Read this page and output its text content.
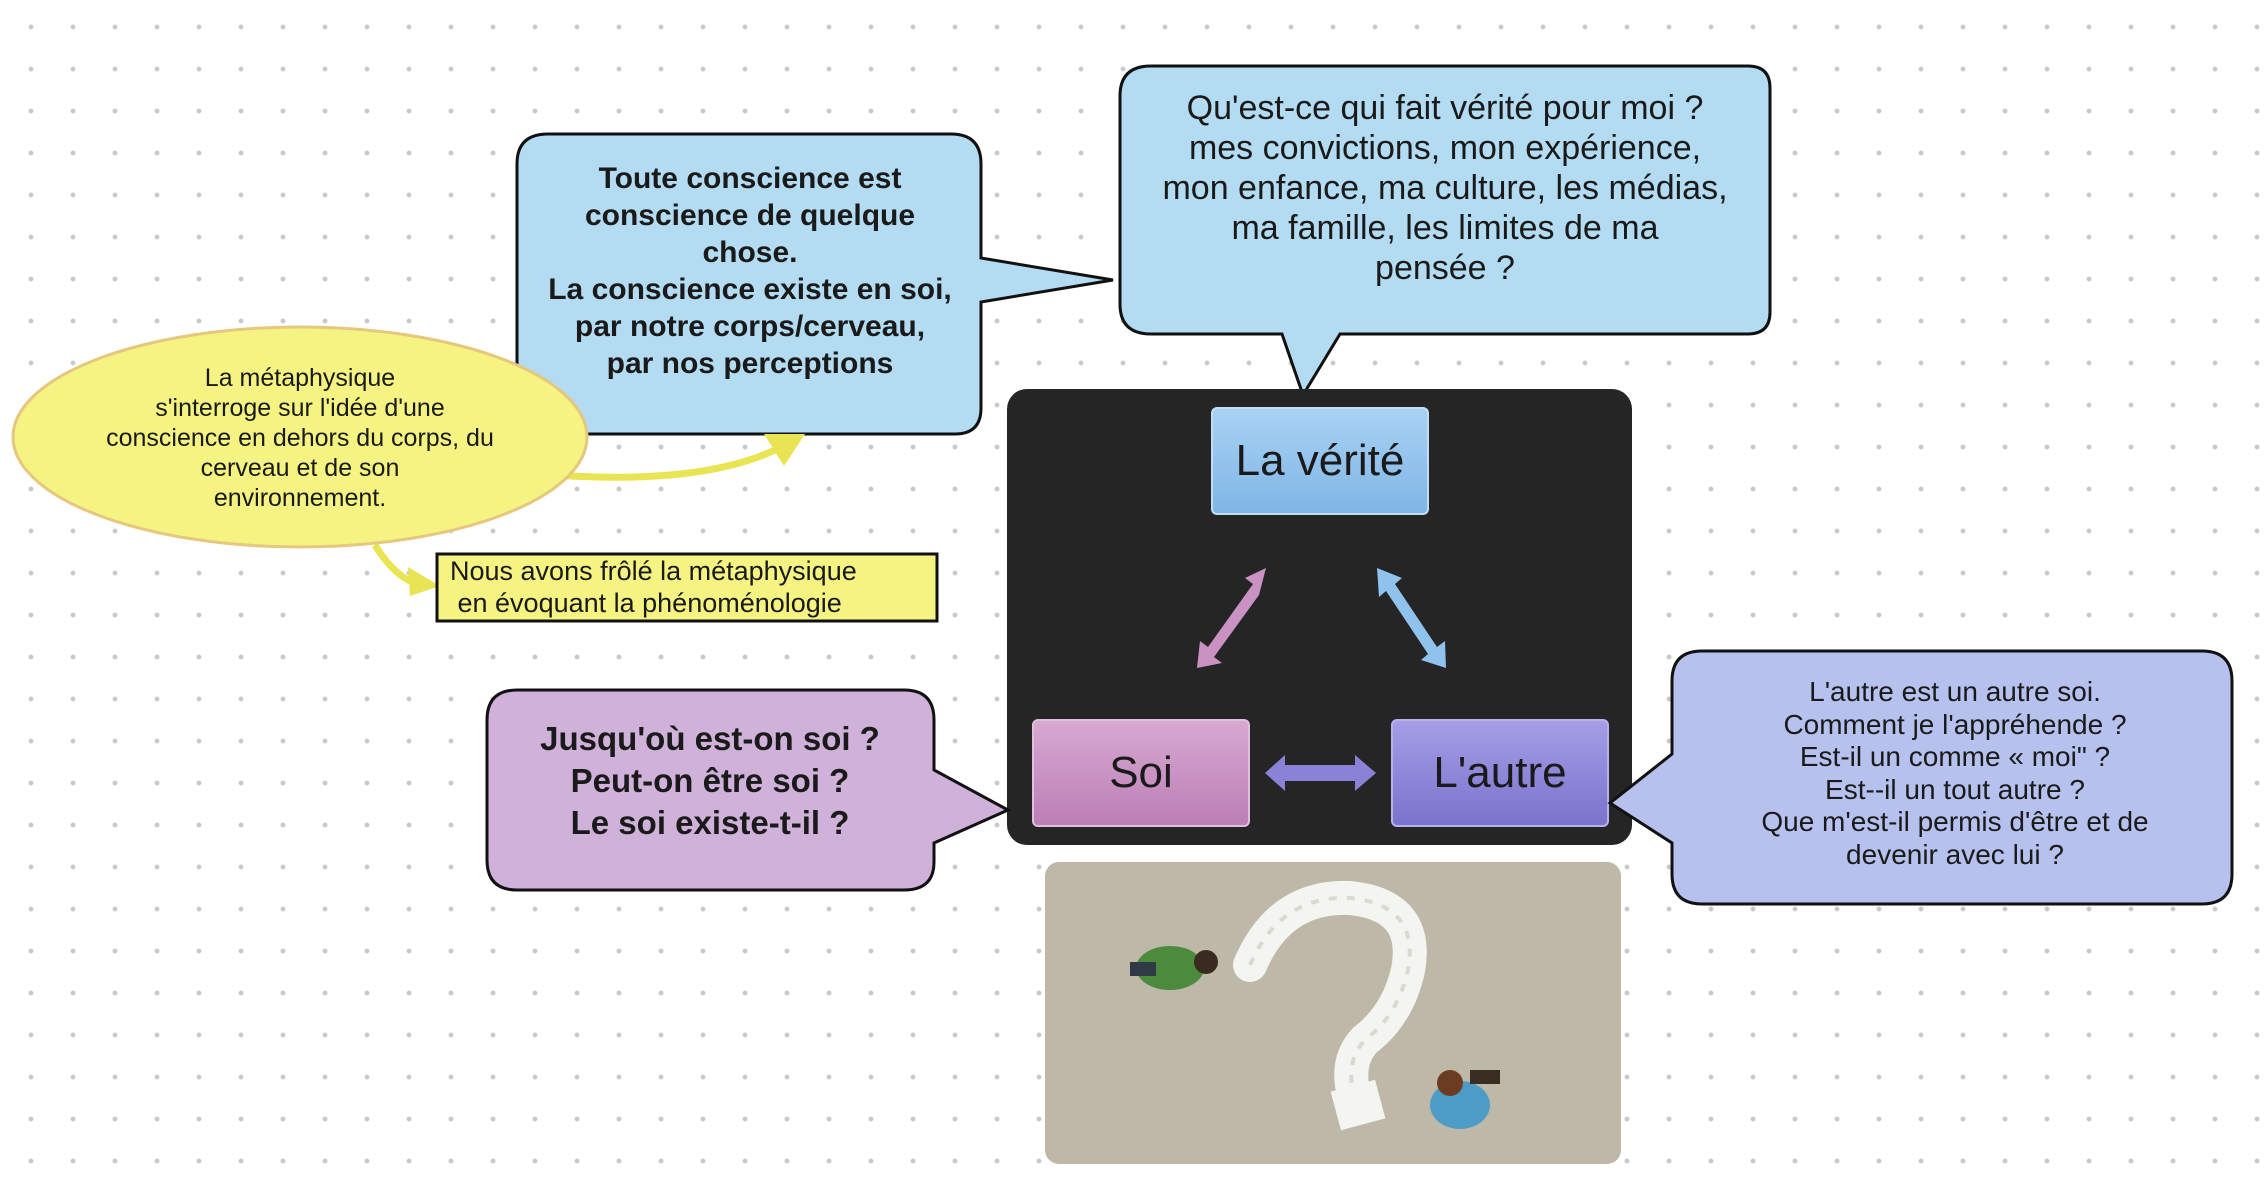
Qu'est-ce qui fait vérité pour moi ?
mes convictions, mon expérience,
mon enfance, ma culture, les médias,
ma famille, les limites de ma
pensée ?
Toute conscience est
conscience de quelque
chose.
La conscience existe en soi,
par notre corps/cerveau,
par nos perceptions
La métaphysique
s'interroge sur l'idée d'une
conscience en dehors du corps, du
cerveau et de son
environnement.
Nous avons frôlé la métaphysique
en évoquant la phénoménologie
Jusqu'où est-on soi ?
Peut-on être soi ?
Le soi existe-t-il ?
L'autre est un autre soi.
Comment je l'appréhende ?
Est-il un comme « moi" ?
Est--il un tout autre ?
Que m'est-il permis d'être et de
devenir avec lui ?
La vérité
Soi	L'autre
